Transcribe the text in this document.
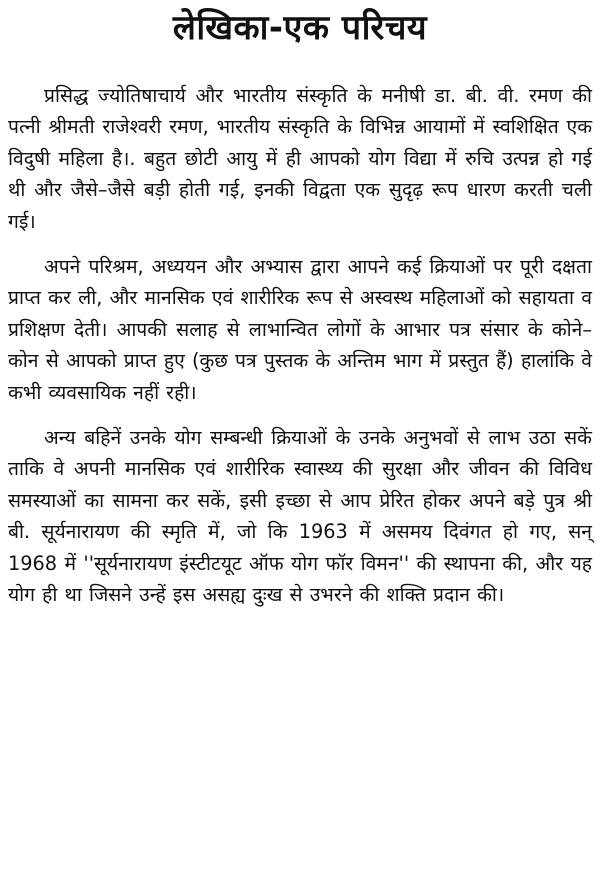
लेखिका-एक परिचय

प्रसिद्ध ज्योतिषाचार्य और भारतीय संस्कृति के मनीषी डा. बी. वी. रमण की पत्नी श्रीमती राजेश्वरी रमण, भारतीय संस्कृति के विभिन्न आयामों में स्वशिक्षित एक विदुषी महिला है।. बहुत छोटी आयु में ही आपको योग विद्या में रुचि उत्पन्न हो गई थी और जैसे–जैसे बड़ी होती गई, इनकी विद्वता एक सुदृढ़ रूप धारण करती चली गई।

अपने परिश्रम, अध्ययन और अभ्यास द्वारा आपने कई क्रियाओं पर पूरी दक्षता प्राप्त कर ली, और मानसिक एवं शारीरिक रूप से अस्वस्थ महिलाओं को सहायता व प्रशिक्षण देती। आपकी सलाह से लाभान्वित लोगों के आभार पत्र संसार के कोने–कोन से आपको प्राप्त हुए (कुछ पत्र पुस्तक के अन्तिम भाग में प्रस्तुत हैं) हालांकि वे कभी व्यवसायिक नहीं रही।

अन्य बहिनें उनके योग सम्बन्धी क्रियाओं के उनके अनुभवों से लाभ उठा सकें ताकि वे अपनी मानसिक एवं शारीरिक स्वास्थ्य की सुरक्षा और जीवन की विविध समस्याओं का सामना कर सकें, इसी इच्छा से आप प्रेरित होकर अपने बड़े पुत्र श्री बी. सूर्यनारायण की स्मृति में, जो कि 1963 में असमय दिवंगत हो गए, सन् 1968 में ''सूर्यनारायण इंस्टीटयूट ऑफ योग फॉर विमन'' की स्थापना की, और यह योग ही था जिसने उन्हें इस असह्य दुःख से उभरने की शक्ति प्रदान की।
